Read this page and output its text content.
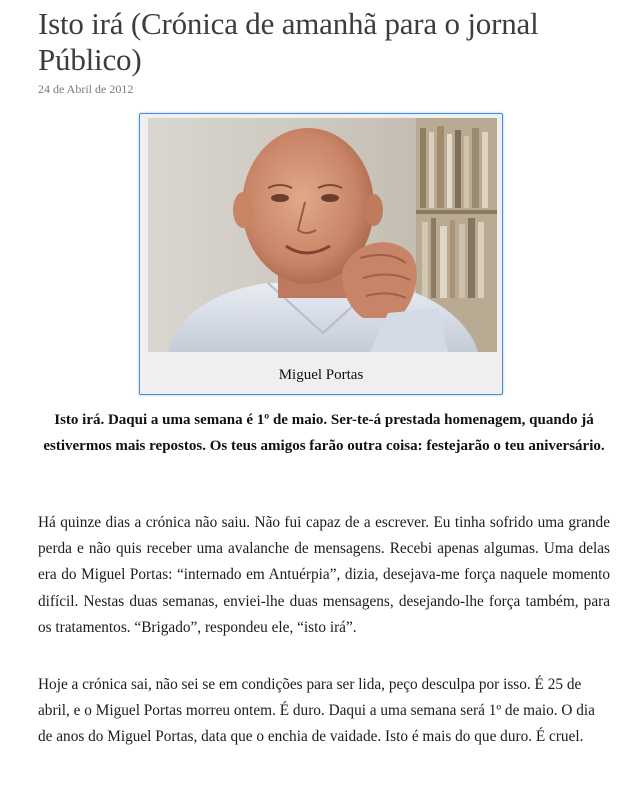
Isto irá (Crónica de amanhã para o jornal Público)
24 de Abril de 2012
Miguel Portas

Isto irá. Daqui a uma semana é 1º de maio. Ser-te-á prestada homenagem, quando já estivermos mais repostos. Os teus amigos farão outra coisa: festejarão o teu aniversário.

Há quinze dias a crónica não saiu. Não fui capaz de a escrever. Eu tinha sofrido uma grande perda e não quis receber uma avalanche de mensagens. Recebi apenas algumas. Uma delas era do Miguel Portas: “internado em Antuérpia”, dizia, desejava-me força naquele momento difícil. Nestas duas semanas, enviei-lhe duas mensagens, desejando-lhe força também, para os tratamentos. “Brigado”, respondeu ele, “isto irá”.

Hoje a crónica sai, não sei se em condições para ser lida, peço desculpa por isso. É 25 de abril, e o Miguel Portas morreu ontem. É duro. Daqui a uma semana será 1º de maio. O dia de anos do Miguel Portas, data que o enchia de vaidade. Isto é mais do que duro. É cruel.
